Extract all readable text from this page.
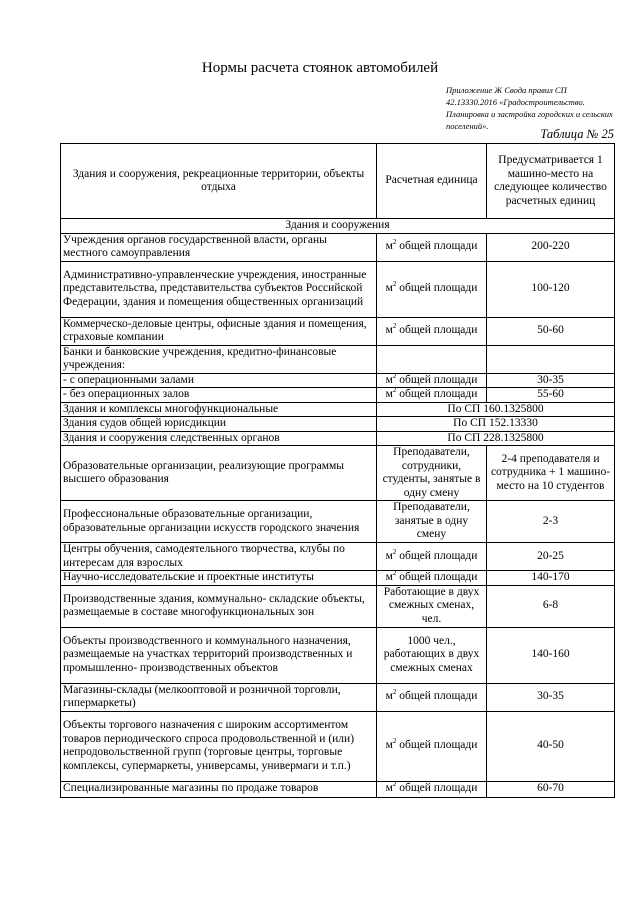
Нормы расчета стоянок автомобилей
Приложение Ж Свода правил СП 42.13330.2016 «Градостроительство. Планировка и застройка городских и сельских поселений».
Таблица № 25
Здания и сооружения, рекреационные территории, объекты отдыха	Расчетная единица	Предусматривается 1 машино-место на следующее количество расчетных единиц
Здания и сооружения		
Учреждения органов государственной власти, органы местного самоуправления	$м^2$ общей площади	200-220
Административно-управленческие учреждения, иностранные представительства, представительства субъектов Российской Федерации, здания и помещения общественных организаций	$м^2$ общей площади	100-120
Коммерческо-деловые центры, офисные здания и помещения, страховые компании	$м^2$ общей площади	50-60
Банки и банковские учреждения, кредитно-финансовые учреждения:		
- с операционными залами	$м^2$ общей площади	30-35
- без операционных залов	$м^2$ общей площади	55-60
Здания и комплексы многофункциональные	По СП 160.1325800	
Здания судов общей юрисдикции	По СП 152.13330	
Здания и сооружения следственных органов	По СП 228.1325800	
Образовательные организации, реализующие программы высшего образования	Преподаватели, сотрудники, студенты, занятые в одну смену	2-4 преподавателя и сотрудника + 1 машино-место на 10 студентов
Профессиональные образовательные организации, образовательные организации искусств городского значения	Преподаватели, занятые в одну смену	2-3
Центры обучения, самодеятельного творчества, клубы по интересам для взрослых	$м^2$ общей площади	20-25
Научно-исследовательские и проектные институты	$м^2$ общей площади	140-170
Производственные здания, коммунально- складские объекты, размещаемые в составе многофункциональных зон	Работающие в двух смежных сменах, чел.	6-8
Объекты производственного и коммунального назначения, размещаемые на участках территорий производственных и промышленно- производственных объектов	1000 чел., работающих в двух смежных сменах	140-160
Магазины-склады (мелкооптовой и розничной торговли, гипермаркеты)	$м^2$ общей площади	30-35
Объекты торгового назначения с широким ассортиментом товаров периодического спроса продовольственной и (или) непродовольственной групп (торговые центры, торговые комплексы, супермаркеты, универсамы, универмаги и т.п.)	$м^2$ общей площади	40-50
Специализированные магазины по продаже товаров	$м^2$ общей площади	60-70
